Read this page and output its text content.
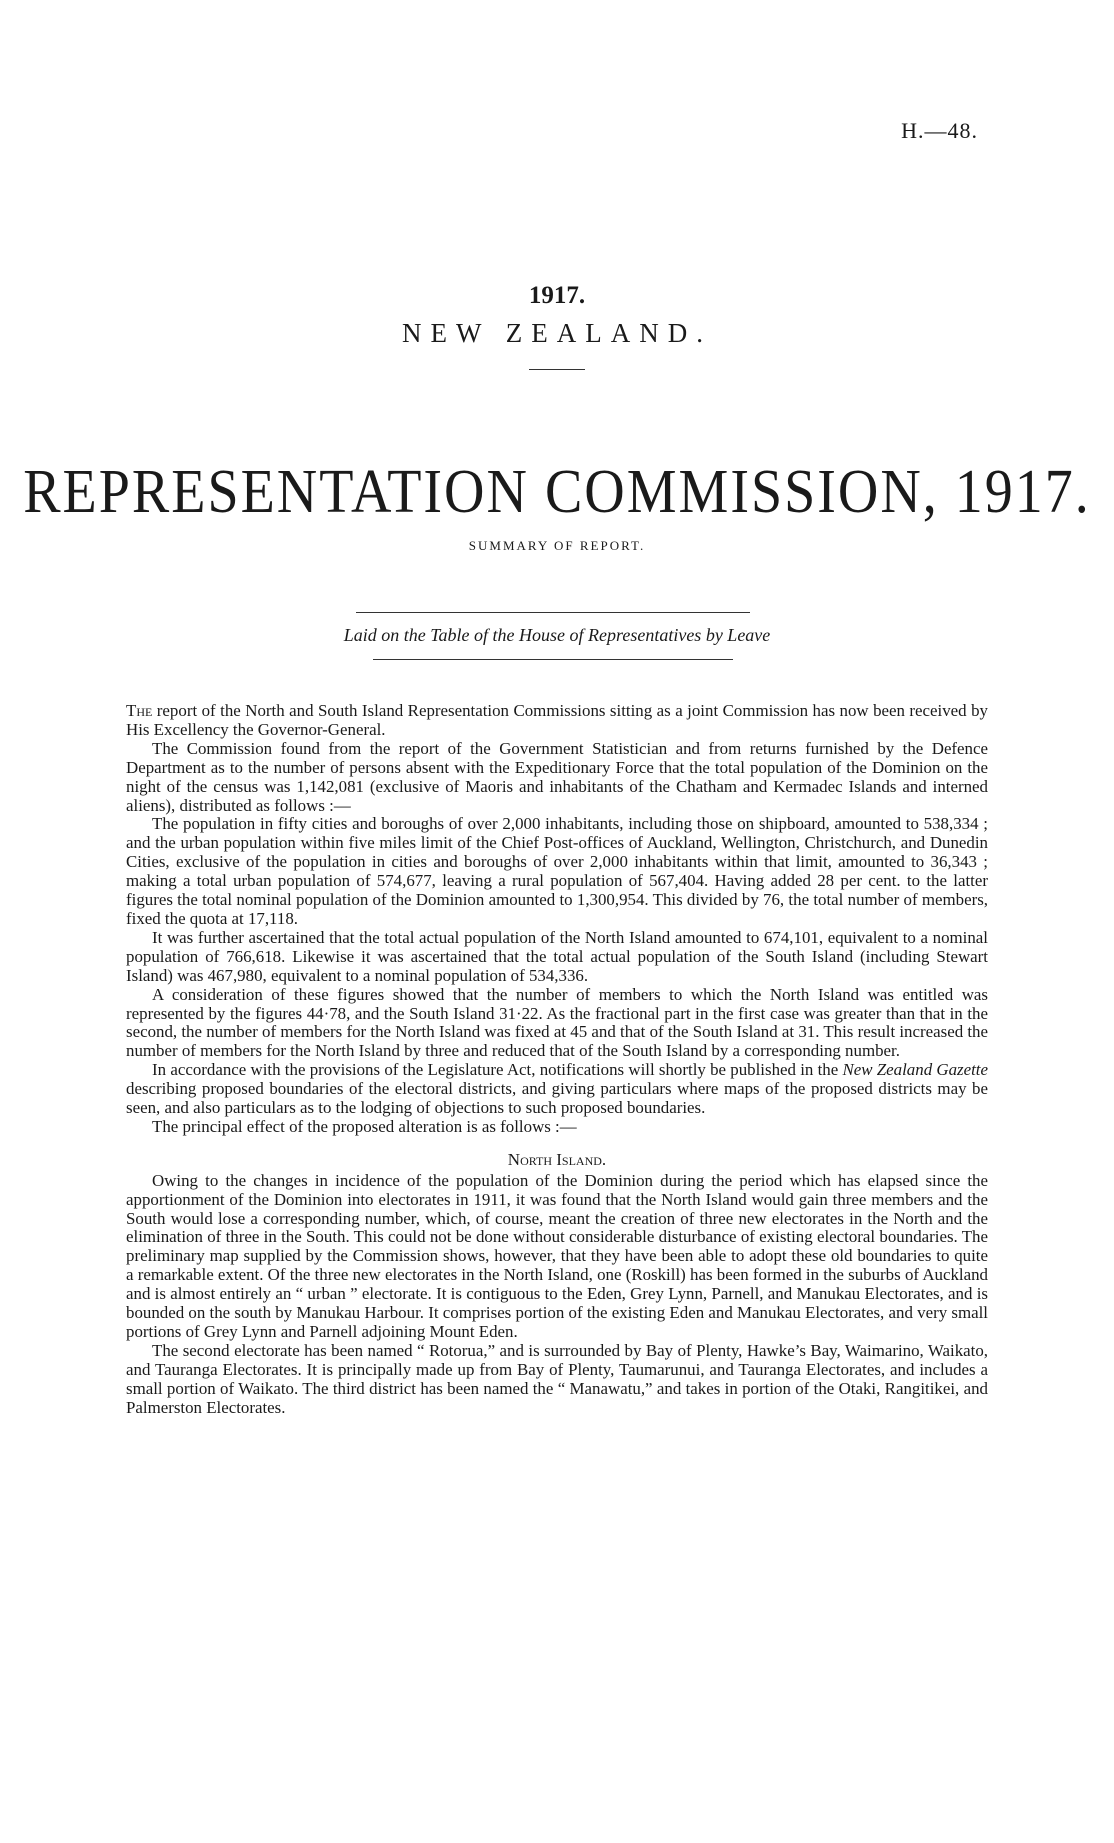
H.—48.
1917.
NEW ZEALAND.
REPRESENTATION COMMISSION, 1917.
SUMMARY OF REPORT.
Laid on the Table of the House of Representatives by Leave

The report of the North and South Island Representation Commissions sitting as a joint Commission has now been received by His Excellency the Governor-General.

The Commission found from the report of the Government Statistician and from returns furnished by the Defence Department as to the number of persons absent with the Expeditionary Force that the total population of the Dominion on the night of the census was 1,142,081 (exclusive of Maoris and inhabitants of the Chatham and Kermadec Islands and interned aliens), distributed as follows :—

The population in fifty cities and boroughs of over 2,000 inhabitants, including those on shipboard, amounted to 538,334 ; and the urban population within five miles limit of the Chief Post-offices of Auckland, Wellington, Christchurch, and Dunedin Cities, exclusive of the population in cities and boroughs of over 2,000 inhabitants within that limit, amounted to 36,343 ; making a total urban population of 574,677, leaving a rural population of 567,404. Having added 28 per cent. to the latter figures the total nominal population of the Dominion amounted to 1,300,954. This divided by 76, the total number of members, fixed the quota at 17,118.

It was further ascertained that the total actual population of the North Island amounted to 674,101, equivalent to a nominal population of 766,618. Likewise it was ascertained that the total actual population of the South Island (including Stewart Island) was 467,980, equivalent to a nominal population of 534,336.

A consideration of these figures showed that the number of members to which the North Island was entitled was represented by the figures 44·78, and the South Island 31·22. As the fractional part in the first case was greater than that in the second, the number of members for the North Island was fixed at 45 and that of the South Island at 31. This result increased the number of members for the North Island by three and reduced that of the South Island by a corresponding number.

In accordance with the provisions of the Legislature Act, notifications will shortly be published in the New Zealand Gazette describing proposed boundaries of the electoral districts, and giving particulars where maps of the proposed districts may be seen, and also particulars as to the lodging of objections to such proposed boundaries.

The principal effect of the proposed alteration is as follows :—

North Island.

Owing to the changes in incidence of the population of the Dominion during the period which has elapsed since the apportionment of the Dominion into electorates in 1911, it was found that the North Island would gain three members and the South would lose a corresponding number, which, of course, meant the creation of three new electorates in the North and the elimination of three in the South. This could not be done without considerable disturbance of existing electoral boundaries. The preliminary map supplied by the Commission shows, however, that they have been able to adopt these old boundaries to quite a remarkable extent. Of the three new electorates in the North Island, one (Roskill) has been formed in the suburbs of Auckland and is almost entirely an “ urban ” electorate. It is contiguous to the Eden, Grey Lynn, Parnell, and Manukau Electorates, and is bounded on the south by Manukau Harbour. It comprises portion of the existing Eden and Manukau Electorates, and very small portions of Grey Lynn and Parnell adjoining Mount Eden.

The second electorate has been named “ Rotorua,” and is surrounded by Bay of Plenty, Hawke’s Bay, Waimarino, Waikato, and Tauranga Electorates. It is principally made up from Bay of Plenty, Taumarunui, and Tauranga Electorates, and includes a small portion of Waikato. The third district has been named the “ Manawatu,” and takes in portion of the Otaki, Rangitikei, and Palmerston Electorates.
